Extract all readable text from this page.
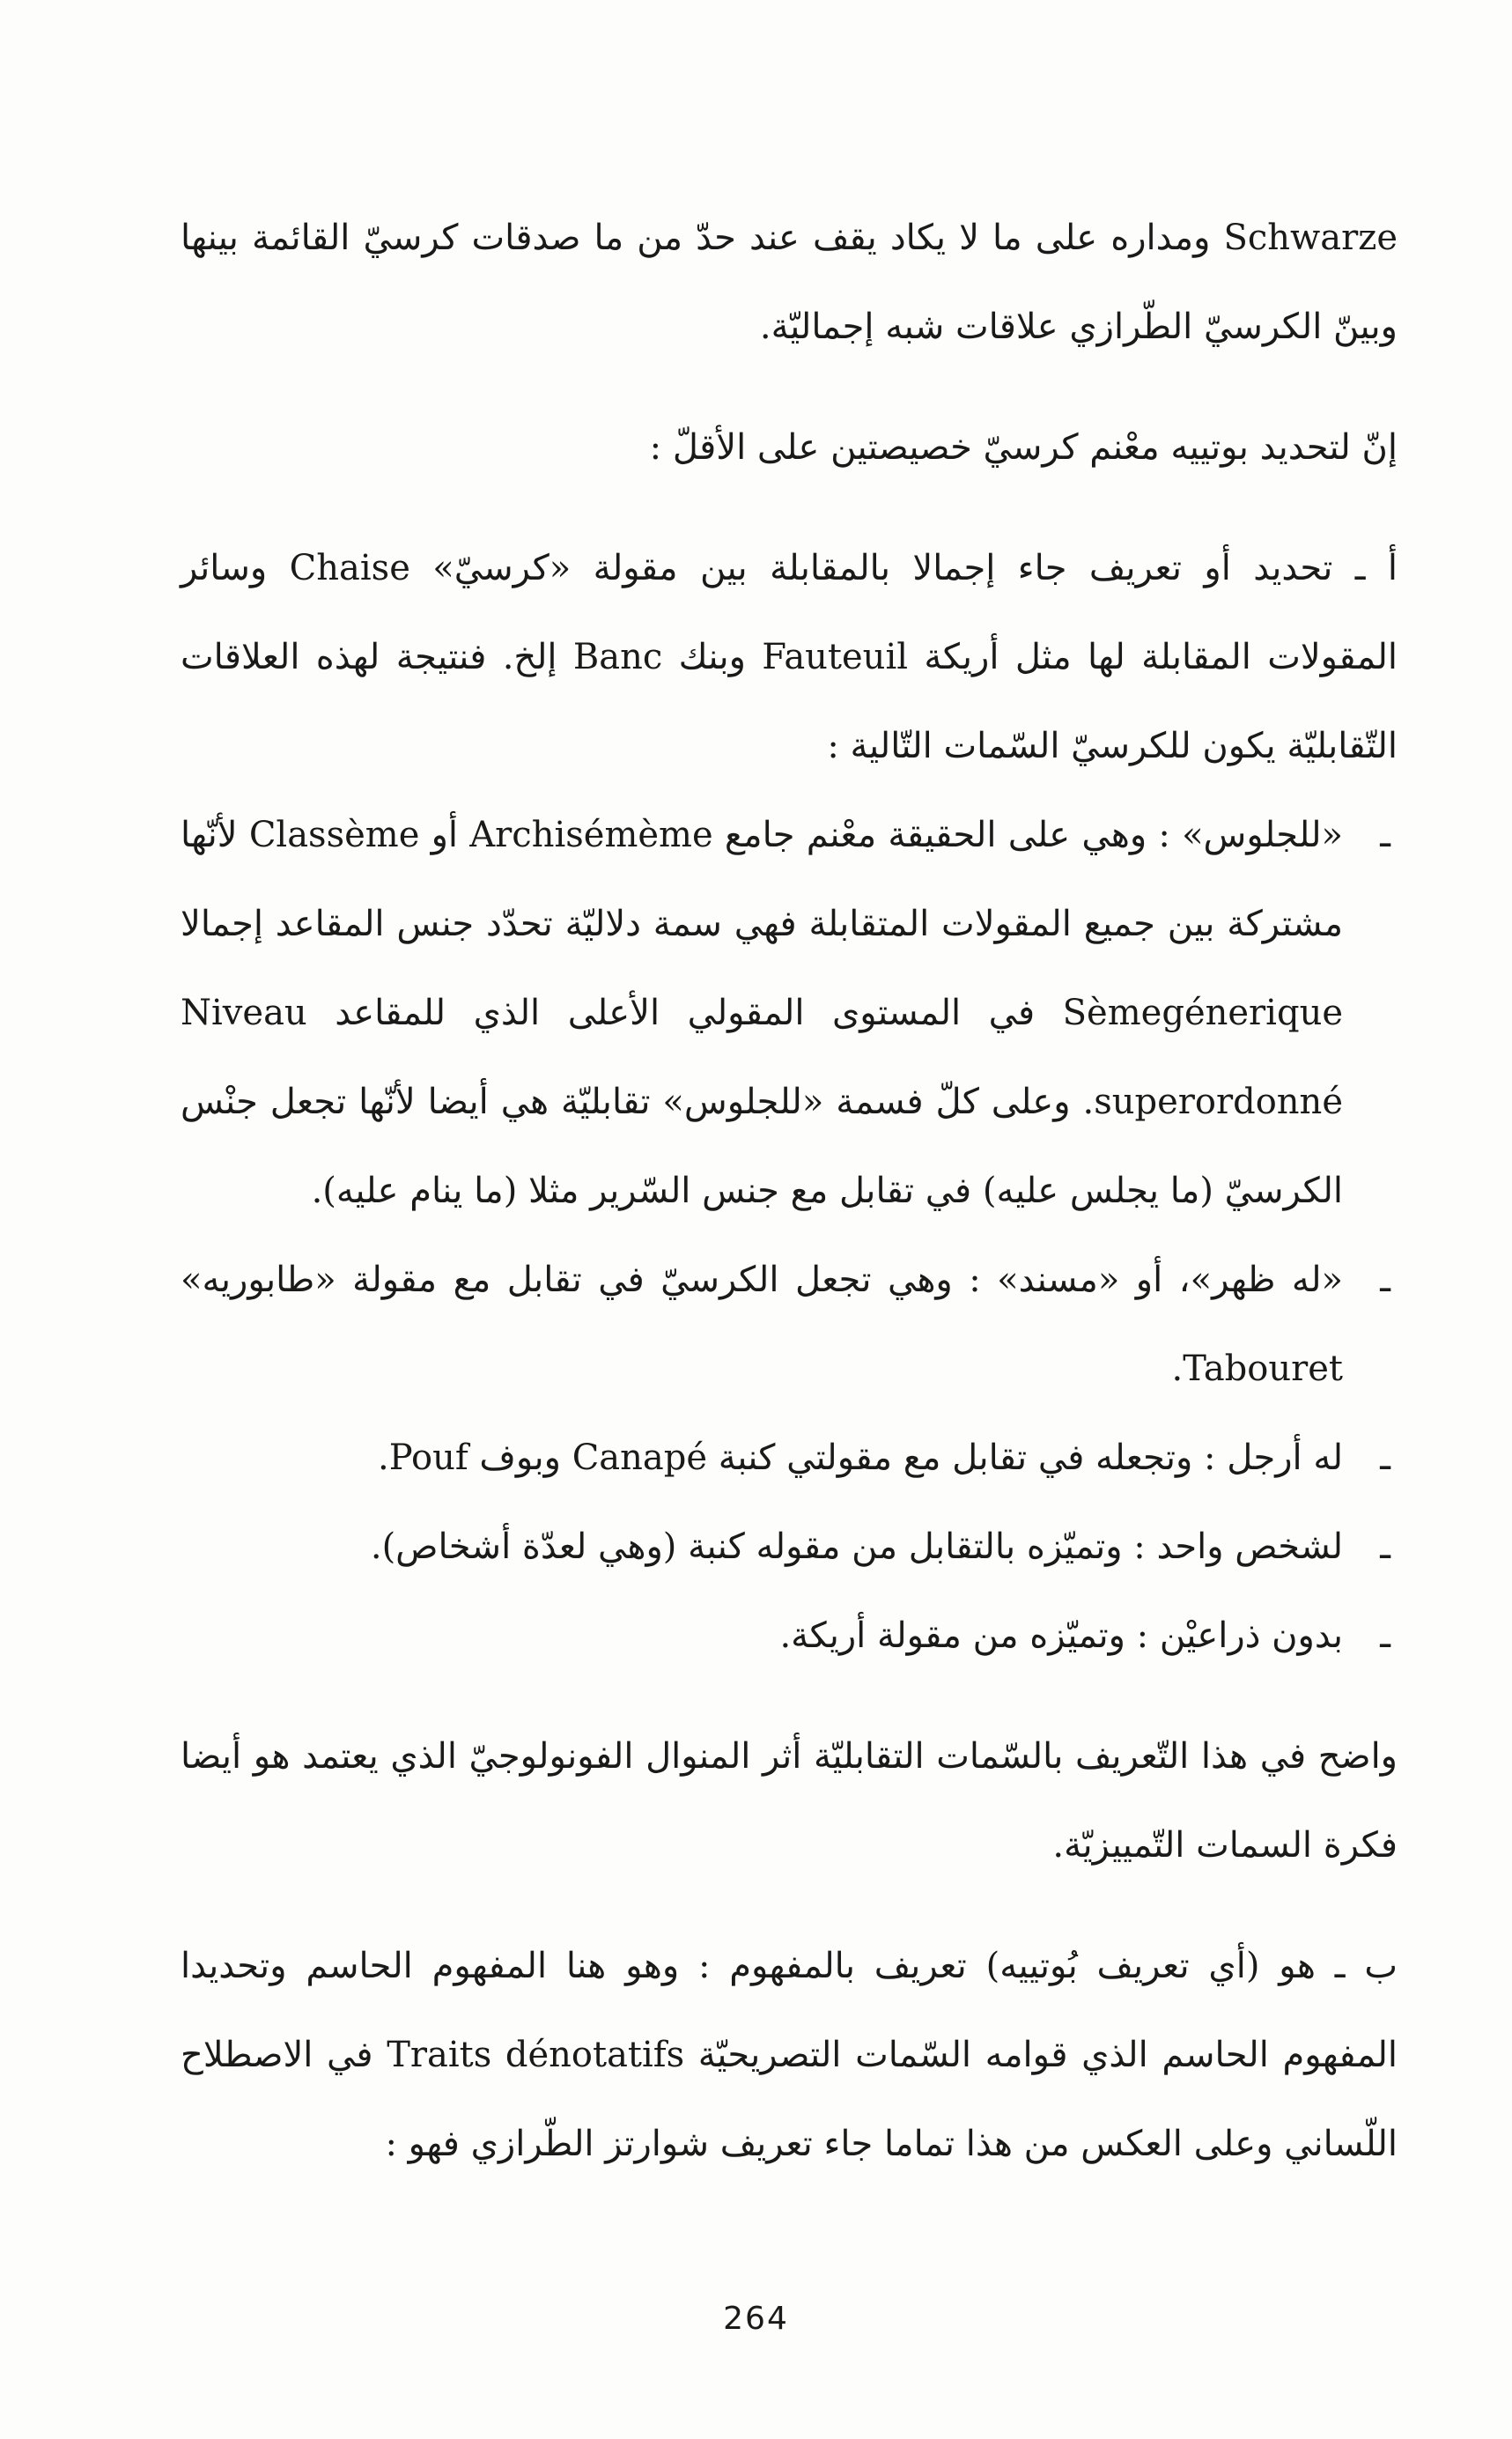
Schwarze ومداره على ما لا يكاد يقف عند حدّ من ما صدقات كرسيّ القائمة بينها وبينّ الكرسيّ الطّرازي علاقات شبه إجماليّة.

إنّ لتحديد بوتييه معْنم كرسيّ خصيصتين على الأقلّ :

أ ـ تحديد أو تعريف جاء إجمالا بالمقابلة بين مقولة «كرسيّ» Chaise وسائر المقولات المقابلة لها مثل أريكة Fauteuil وبنك Banc إلخ. فنتيجة لهذه العلاقات التّقابليّة يكون للكرسيّ السّمات التّالية :

ـ
«للجلوس» : وهي على الحقيقة معْنم جامع Archisémème أو Classème لأنّها مشتركة بين جميع المقولات المتقابلة فهي سمة دلاليّة تحدّد جنس المقاعد إجمالا Sèmegénerique في المستوى المقولي الأعلى الذي للمقاعد Niveau superordonné. وعلى كلّ فسمة «للجلوس» تقابليّة هي أيضا لأنّها تجعل جنْس الكرسيّ (ما يجلس عليه) في تقابل مع جنس السّرير مثلا (ما ينام عليه).
ـ
«له ظهر»، أو «مسند» : وهي تجعل الكرسيّ في تقابل مع مقولة «طابوريه» Tabouret.
ـ
له أرجل : وتجعله في تقابل مع مقولتي كنبة Canapé وبوف Pouf.
ـ
لشخص واحد : وتميّزه بالتقابل من مقوله كنبة (وهي لعدّة أشخاص).
ـ
بدون ذراعيْن : وتميّزه من مقولة أريكة.

واضح في هذا التّعريف بالسّمات التقابليّة أثر المنوال الفونولوجيّ الذي يعتمد هو أيضا فكرة السمات التّمييزيّة.

ب ـ هو (أي تعريف بُوتييه) تعريف بالمفهوم : وهو هنا المفهوم الحاسم وتحديدا المفهوم الحاسم الذي قوامه السّمات التصريحيّة Traits dénotatifs في الاصطلاح اللّساني وعلى العكس من هذا تماما جاء تعريف شوارتز الطّرازي فهو :

264
